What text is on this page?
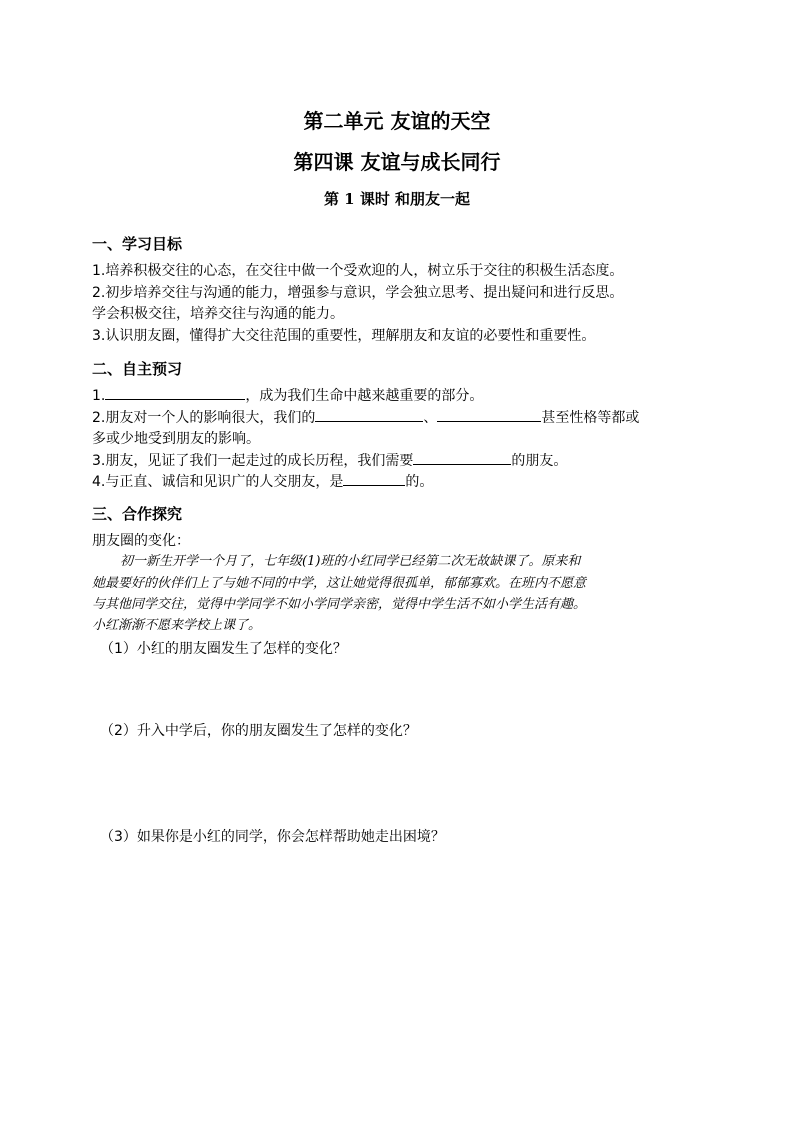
第二单元 友谊的天空
第四课 友谊与成长同行
第 1 课时 和朋友一起
一、学习目标
1.培养积极交往的心态，在交往中做一个受欢迎的人，树立乐于交往的积极生活态度。
2.初步培养交往与沟通的能力，增强参与意识，学会独立思考、提出疑问和进行反思。
学会积极交往，培养交往与沟通的能力。
3.认识朋友圈，懂得扩大交往范围的重要性，理解朋友和友谊的必要性和重要性。
二、自主预习
1.	，成为我们生命中越来越重要的部分。
2.朋友对一个人的影响很大，我们的	、	甚至性格等都或
多或少地受到朋友的影响。
3.朋友，见证了我们一起走过的成长历程，我们需要	的朋友。
4.与正直、诚信和见识广的人交朋友，是	的。
三、合作探究
朋友圈的变化：
初一新生开学一个月了，七年级(1)班的小红同学已经第二次无故缺课了。原来和
她最要好的伙伴们上了与她不同的中学，这让她觉得很孤单，郁郁寡欢。在班内不愿意
与其他同学交往，觉得中学同学不如小学同学亲密，觉得中学生活不如小学生活有趣。
小红渐渐不愿来学校上课了。
（1）小红的朋友圈发生了怎样的变化？
（2）升入中学后，你的朋友圈发生了怎样的变化？
（3）如果你是小红的同学，你会怎样帮助她走出困境？
